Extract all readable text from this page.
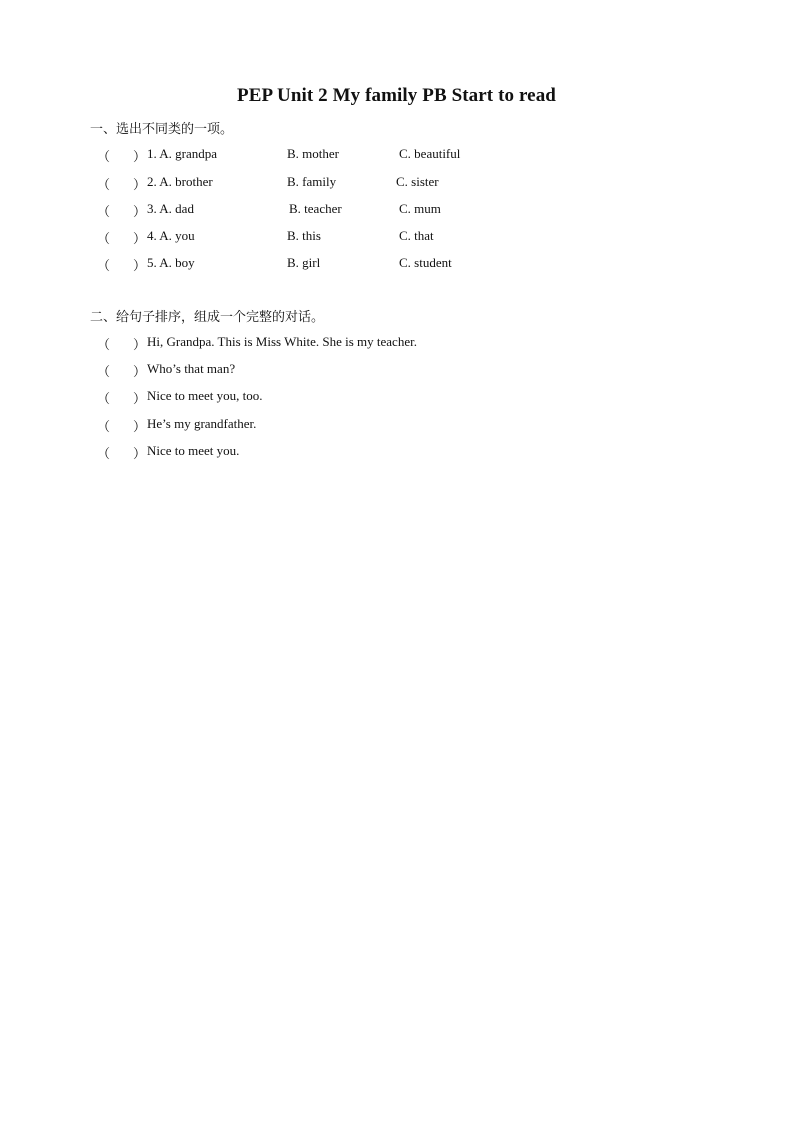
PEP Unit 2 My family PB Start to read
一、选出不同类的一项。
（ ） 1. A. grandpa	B. mother	C. beautiful
（ ） 2. A. brother	B. family	C. sister
（ ） 3. A. dad	B. teacher	C. mum
（ ） 4. A. you	B. this	C. that
（ ） 5. A. boy	B. girl	C. student
二、给句子排序，组成一个完整的对话。
（ ） Hi, Grandpa. This is Miss White. She is my teacher.
（ ） Who’s that man?
（ ） Nice to meet you, too.
（ ） He’s my grandfather.
（ ） Nice to meet you.
